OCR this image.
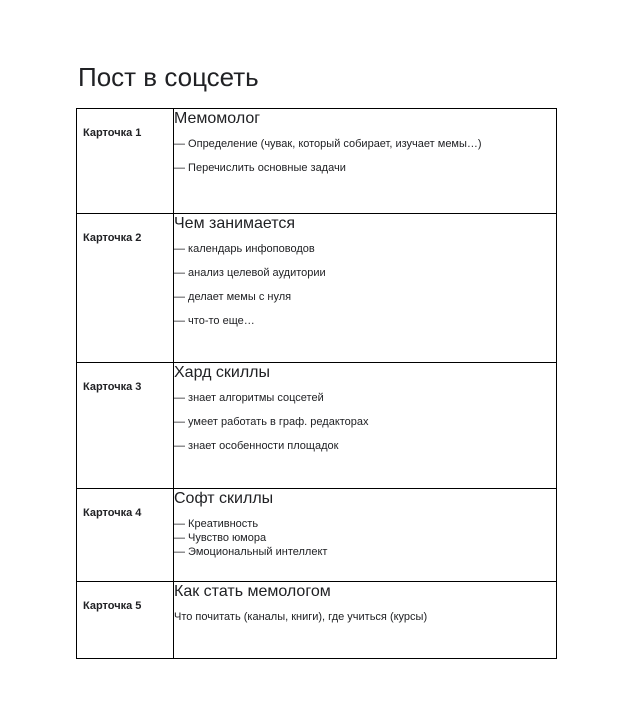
Пост в соцсеть
Карточка 1	Мемомолог
— Определение (чувак, который собирает, изучает мемы…)
— Перечислить основные задачи

Карточка 2	Чем занимается
— календарь инфоповодов
— анализ целевой аудитории
— делает мемы с нуля
— что-то еще…

Карточка 3	Хард скиллы
— знает алгоритмы соцсетей
— умеет работать в граф. редакторах
— знает особенности площадок

Карточка 4	Софт скиллы
— Креативность
— Чувство юмора
— Эмоциональный интеллект

Карточка 5	Как стать мемологом
Что почитать (каналы, книги), где учиться (курсы)
